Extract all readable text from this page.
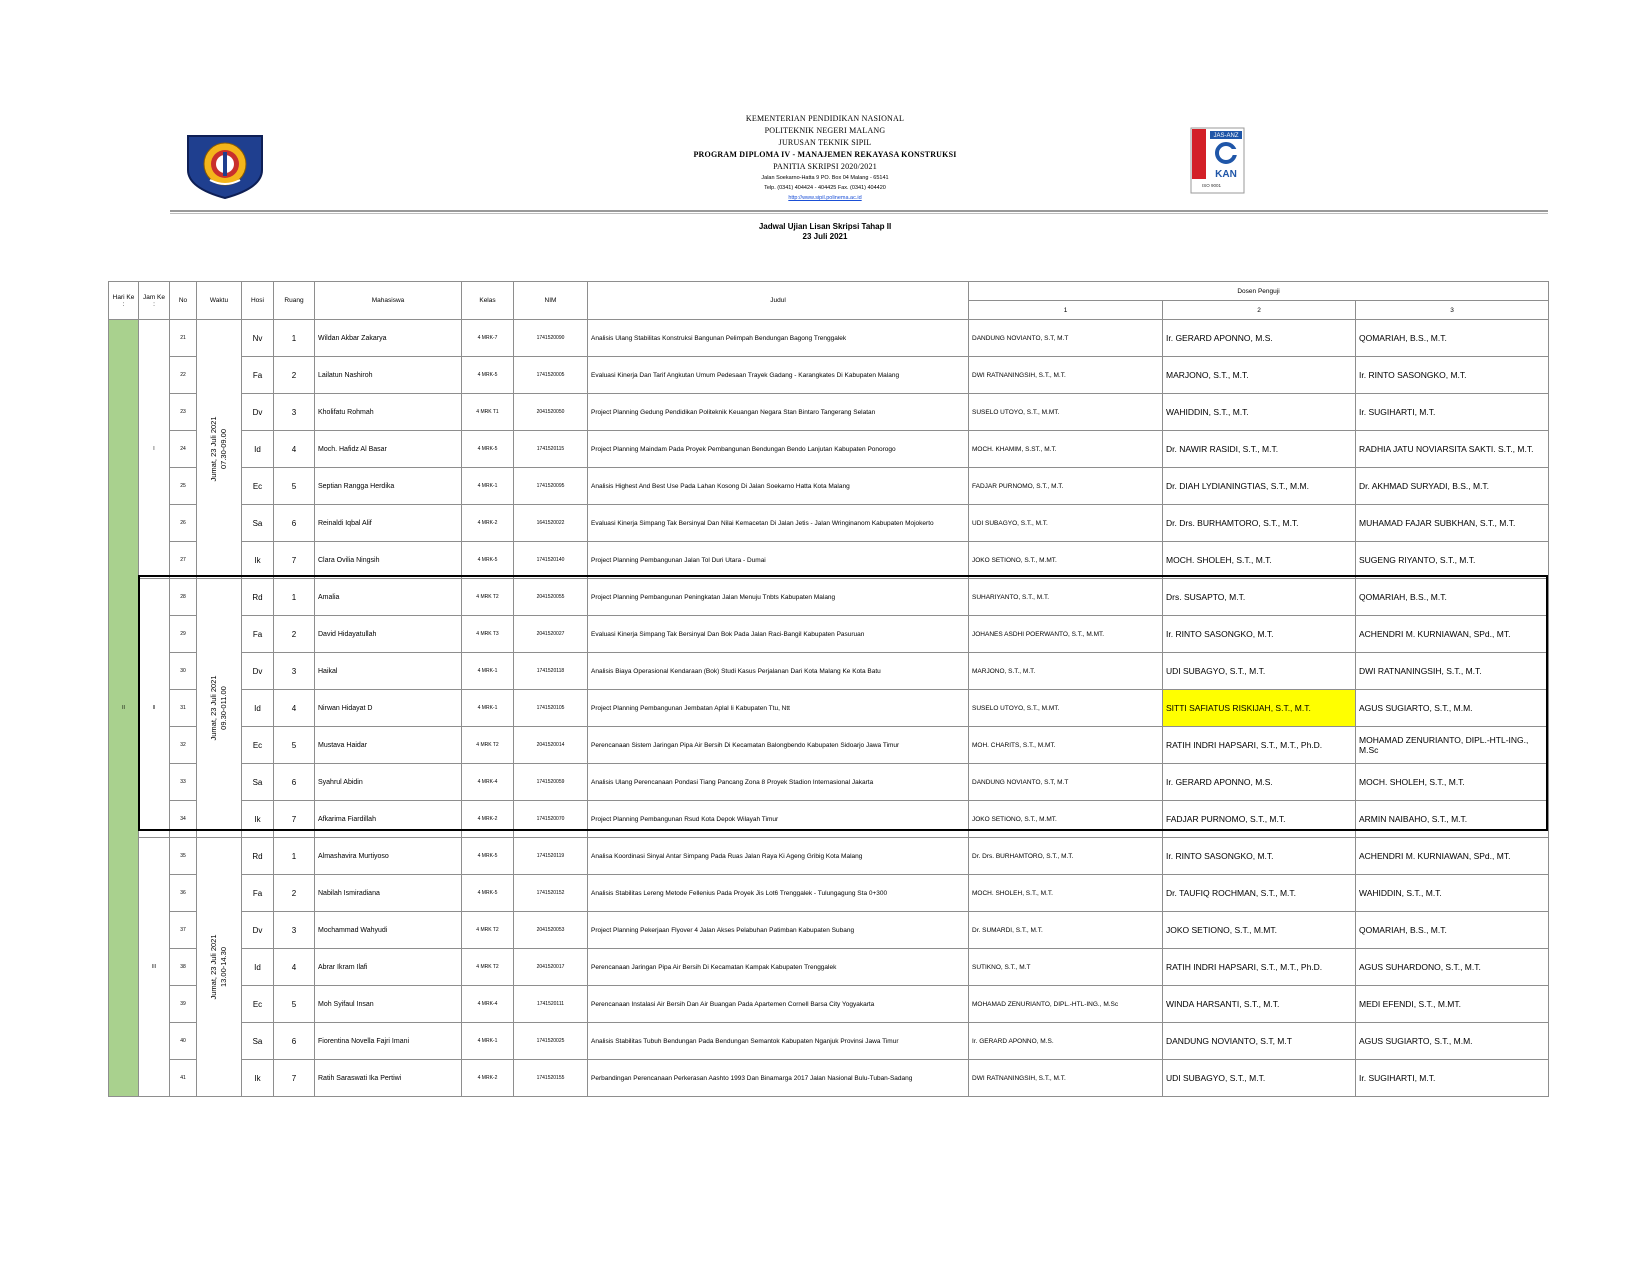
JAS-ANZ
KAN
ISO 9001
KEMENTERIAN PENDIDIKAN NASIONAL
POLITEKNIK NEGERI MALANG
JURUSAN TEKNIK SIPIL
PROGRAM DIPLOMA IV - MANAJEMEN REKAYASA KONSTRUKSI
PANITIA SKRIPSI 2020/2021
Jalan Soekarno-Hatta 9 PO. Box 04 Malang - 65141
Telp. (0341) 404424 - 404425 Fax. (0341) 404420
http://www.sipil.polinema.ac.id
Jadwal Ujian Lisan Skripsi Tahap II
23 Juli 2021
Hari Ke :	Jam Ke :	No	Waktu	Hosi	Ruang	Mahasiswa	Kelas	NIM	Judul	Dosen Penguji		
										1	2	3
II	I	21	Jumat, 23 Juli 2021 07.30-09.00	Nv	1	Wildan Akbar Zakarya	4 MRK-7	1741520090	Analisis Ulang Stabilitas Konstruksi Bangunan Pelimpah Bendungan Bagong Trenggalek	DANDUNG NOVIANTO, S.T, M.T	Ir. GERARD APONNO, M.S.	QOMARIAH, B.S., M.T.
		22		Fa	2	Lailatun Nashiroh	4 MRK-5	1741520005	Evaluasi Kinerja Dan Tarif Angkutan Umum Pedesaan Trayek Gadang - Karangkates Di Kabupaten Malang	DWI RATNANINGSIH, S.T., M.T.	MARJONO, S.T., M.T.	Ir. RINTO SASONGKO, M.T.
		23		Dv	3	Kholifatu Rohmah	4 MRK T1	2041520050	Project Planning Gedung Pendidikan Politeknik Keuangan Negara Stan Bintaro Tangerang Selatan	SUSELO UTOYO, S.T., M.MT.	WAHIDDIN, S.T., M.T.	Ir. SUGIHARTI, M.T.
		24		Id	4	Moch. Hafidz Al Basar	4 MRK-5	1741520115	Project Planning Maindam Pada Proyek Pembangunan Bendungan Bendo Lanjutan Kabupaten Ponorogo	MOCH. KHAMIM, S.ST., M.T.	Dr. NAWIR RASIDI, S.T., M.T.	RADHIA JATU NOVIARSITA SAKTI. S.T., M.T.
		25		Ec	5	Septian Rangga Herdika	4 MRK-1	1741520095	Analisis Highest And Best Use Pada Lahan Kosong Di Jalan Soekarno Hatta Kota Malang	FADJAR PURNOMO, S.T., M.T.	Dr. DIAH LYDIANINGTIAS, S.T., M.M.	Dr. AKHMAD SURYADI, B.S., M.T.
		26		Sa	6	Reinaldi Iqbal Alif	4 MRK-2	1641520022	Evaluasi Kinerja Simpang Tak Bersinyal Dan Nilai Kemacetan Di Jalan Jetis - Jalan Wringinanom Kabupaten Mojokerto	UDI SUBAGYO, S.T., M.T.	Dr. Drs. BURHAMTORO, S.T., M.T.	MUHAMAD FAJAR SUBKHAN, S.T., M.T.
		27		Ik	7	Clara Ovilia Ningsih	4 MRK-5	1741520140	Project Planning Pembangunan Jalan Tol Duri Utara - Dumai	JOKO SETIONO, S.T., M.MT.	MOCH. SHOLEH, S.T., M.T.	SUGENG RIYANTO, S.T., M.T.
	II	28	Jumat, 23 Juli 2021 09.30-011.00	Rd	1	Amalia	4 MRK T2	2041520055	Project Planning Pembangunan Peningkatan Jalan Menuju Tnbts Kabupaten Malang	SUHARIYANTO, S.T., M.T.	Drs. SUSAPTO, M.T.	QOMARIAH, B.S., M.T.
		29		Fa	2	David Hidayatullah	4 MRK T3	2041520027	Evaluasi Kinerja Simpang Tak Bersinyal Dan Bok Pada Jalan Raci-Bangil Kabupaten Pasuruan	JOHANES ASDHI POERWANTO, S.T., M.MT.	Ir. RINTO SASONGKO, M.T.	ACHENDRI M. KURNIAWAN, SPd., MT.
		30		Dv	3	Haikal	4 MRK-1	1741520118	Analisis Biaya Operasional Kendaraan (Bok) Studi Kasus Perjalanan Dari Kota Malang Ke Kota Batu	MARJONO, S.T., M.T.	UDI SUBAGYO, S.T., M.T.	DWI RATNANINGSIH, S.T., M.T.
		31		Id	4	Nirwan Hidayat D	4 MRK-1	1741520105	Project Planning Pembangunan Jembatan Aplal Ii Kabupaten Ttu, Ntt	SUSELO UTOYO, S.T., M.MT.	SITTI SAFIATUS RISKIJAH, S.T., M.T.	AGUS SUGIARTO, S.T., M.M.
		32		Ec	5	Mustava Haidar	4 MRK T2	2041520014	Perencanaan Sistem Jaringan Pipa Air Bersih Di Kecamatan Balongbendo Kabupaten Sidoarjo Jawa Timur	MOH. CHARITS, S.T., M.MT.	RATIH INDRI HAPSARI, S.T., M.T., Ph.D.	MOHAMAD ZENURIANTO, DIPL.-HTL-ING., M.Sc
		33		Sa	6	Syahrul Abidin	4 MRK-4	1741520059	Analisis Ulang Perencanaan Pondasi Tiang Pancang Zona 8 Proyek Stadion Internasional Jakarta	DANDUNG NOVIANTO, S.T, M.T	Ir. GERARD APONNO, M.S.	MOCH. SHOLEH, S.T., M.T.
		34		Ik	7	Afkarima Fiardillah	4 MRK-2	1741520070	Project Planning Pembangunan Rsud Kota Depok Wilayah Timur	JOKO SETIONO, S.T., M.MT.	FADJAR PURNOMO, S.T., M.T.	ARMIN NAIBAHO, S.T., M.T.
	III	35	Jumat, 23 Juli 2021 13.00-14.30	Rd	1	Almashavira Murtiyoso	4 MRK-5	1741520119	Analisa Koordinasi Sinyal Antar Simpang Pada Ruas Jalan Raya Ki Ageng Gribig Kota Malang	Dr. Drs. BURHAMTORO, S.T., M.T.	Ir. RINTO SASONGKO, M.T.	ACHENDRI M. KURNIAWAN, SPd., MT.
		36		Fa	2	Nabilah Ismiradiana	4 MRK-5	1741520152	Analisis Stabilitas Lereng Metode Fellenius Pada Proyek Jis Lot6 Trenggalek - Tulungagung Sta 0+300	MOCH. SHOLEH, S.T., M.T.	Dr. TAUFIQ ROCHMAN, S.T., M.T.	WAHIDDIN, S.T., M.T.
		37		Dv	3	Mochammad Wahyudi	4 MRK T2	2041520053	Project Planning Pekerjaan Flyover 4 Jalan Akses Pelabuhan Patimban Kabupaten Subang	Dr. SUMARDI, S.T., M.T.	JOKO SETIONO, S.T., M.MT.	QOMARIAH, B.S., M.T.
		38		Id	4	Abrar Ikram Ilafi	4 MRK T2	2041520017	Perencanaan Jaringan Pipa Air Bersih Di Kecamatan Kampak Kabupaten Trenggalek	SUTIKNO, S.T., M.T	RATIH INDRI HAPSARI, S.T., M.T., Ph.D.	AGUS SUHARDONO, S.T., M.T.
		39		Ec	5	Moh Syifaul Insan	4 MRK-4	1741520111	Perencanaan Instalasi Air Bersih Dan Air Buangan Pada Apartemen Cornell Barsa City Yogyakarta	MOHAMAD ZENURIANTO, DIPL.-HTL-ING., M.Sc	WINDA HARSANTI, S.T., M.T.	MEDI EFENDI, S.T., M.MT.
		40		Sa	6	Fiorentina Novella Fajri Imani	4 MRK-1	1741520025	Analisis Stabilitas Tubuh Bendungan Pada Bendungan Semantok Kabupaten Nganjuk Provinsi Jawa Timur	Ir. GERARD APONNO, M.S.	DANDUNG NOVIANTO, S.T, M.T	AGUS SUGIARTO, S.T., M.M.
		41		Ik	7	Ratih Saraswati Ika Pertiwi	4 MRK-2	1741520155	Perbandingan Perencanaan Perkerasan Aashto 1993 Dan Binamarga 2017 Jalan Nasional Bulu-Tuban-Sadang	DWI RATNANINGSIH, S.T., M.T.	UDI SUBAGYO, S.T., M.T.	Ir. SUGIHARTI, M.T.
